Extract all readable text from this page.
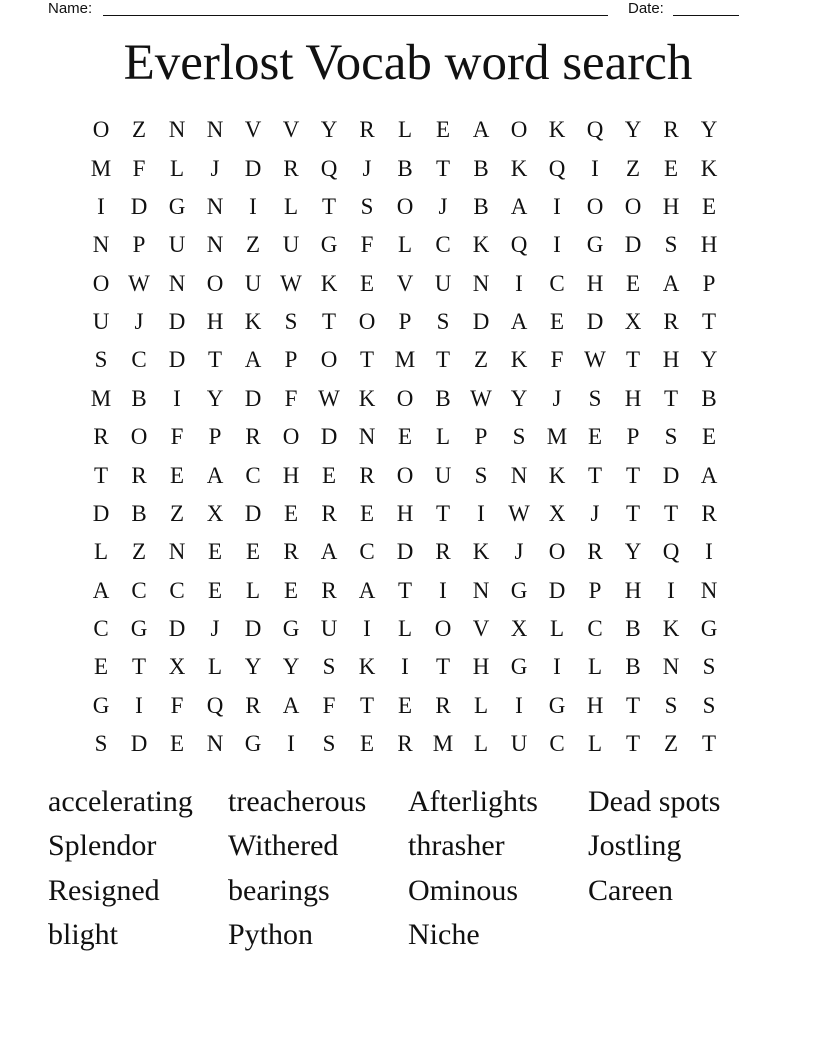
Name:	Date:
Everlost Vocab word search
O Z N N V V Y R	L	E A O K Q Y R Y
M F	L	J	D R Q	J	B	T	B K Q	I	Z	E K
I	D G N	I	L	T	S	O	J	B A	I	O O H E
N	P	U N Z U G	F	L	C K Q	I	G D	S	H
O W N O U W K E V U N	I	C H E A	P
U	J	D H K	S	T O	P	S	D A E D X R	T
S	C D T A	P	O T M T	Z K	F W T H Y
M B	I	Y D	F W K O B W Y	J	S	H T	B
R O	F	P	R O D N E	L	P	S M E	P	S	E
T	R	E A C H E	R O U	S	N K T	T D A
D B	Z X D E	R	E H T	I	W X	J	T	T	R
L	Z N E	E	R A C D R K	J	O R Y Q	I
A C C	E	L	E	R A T	I	N G D	P	H	I	N
C G D	J	D G U	I	L O V X L	C B K G
E	T X L Y Y	S	K	I	T H G	I	L	B N	S
G	I	F	Q R A	F	T	E	R	L	I	G H T	S	S
S	D E N G	I	S	E	R M L U C	L	T	Z	T
accelerating	treacherous	Afterlights	Dead spots
Splendor	Withered	thrasher	Jostling
Resigned	bearings	Ominous	Careen
blight	Python	Niche
